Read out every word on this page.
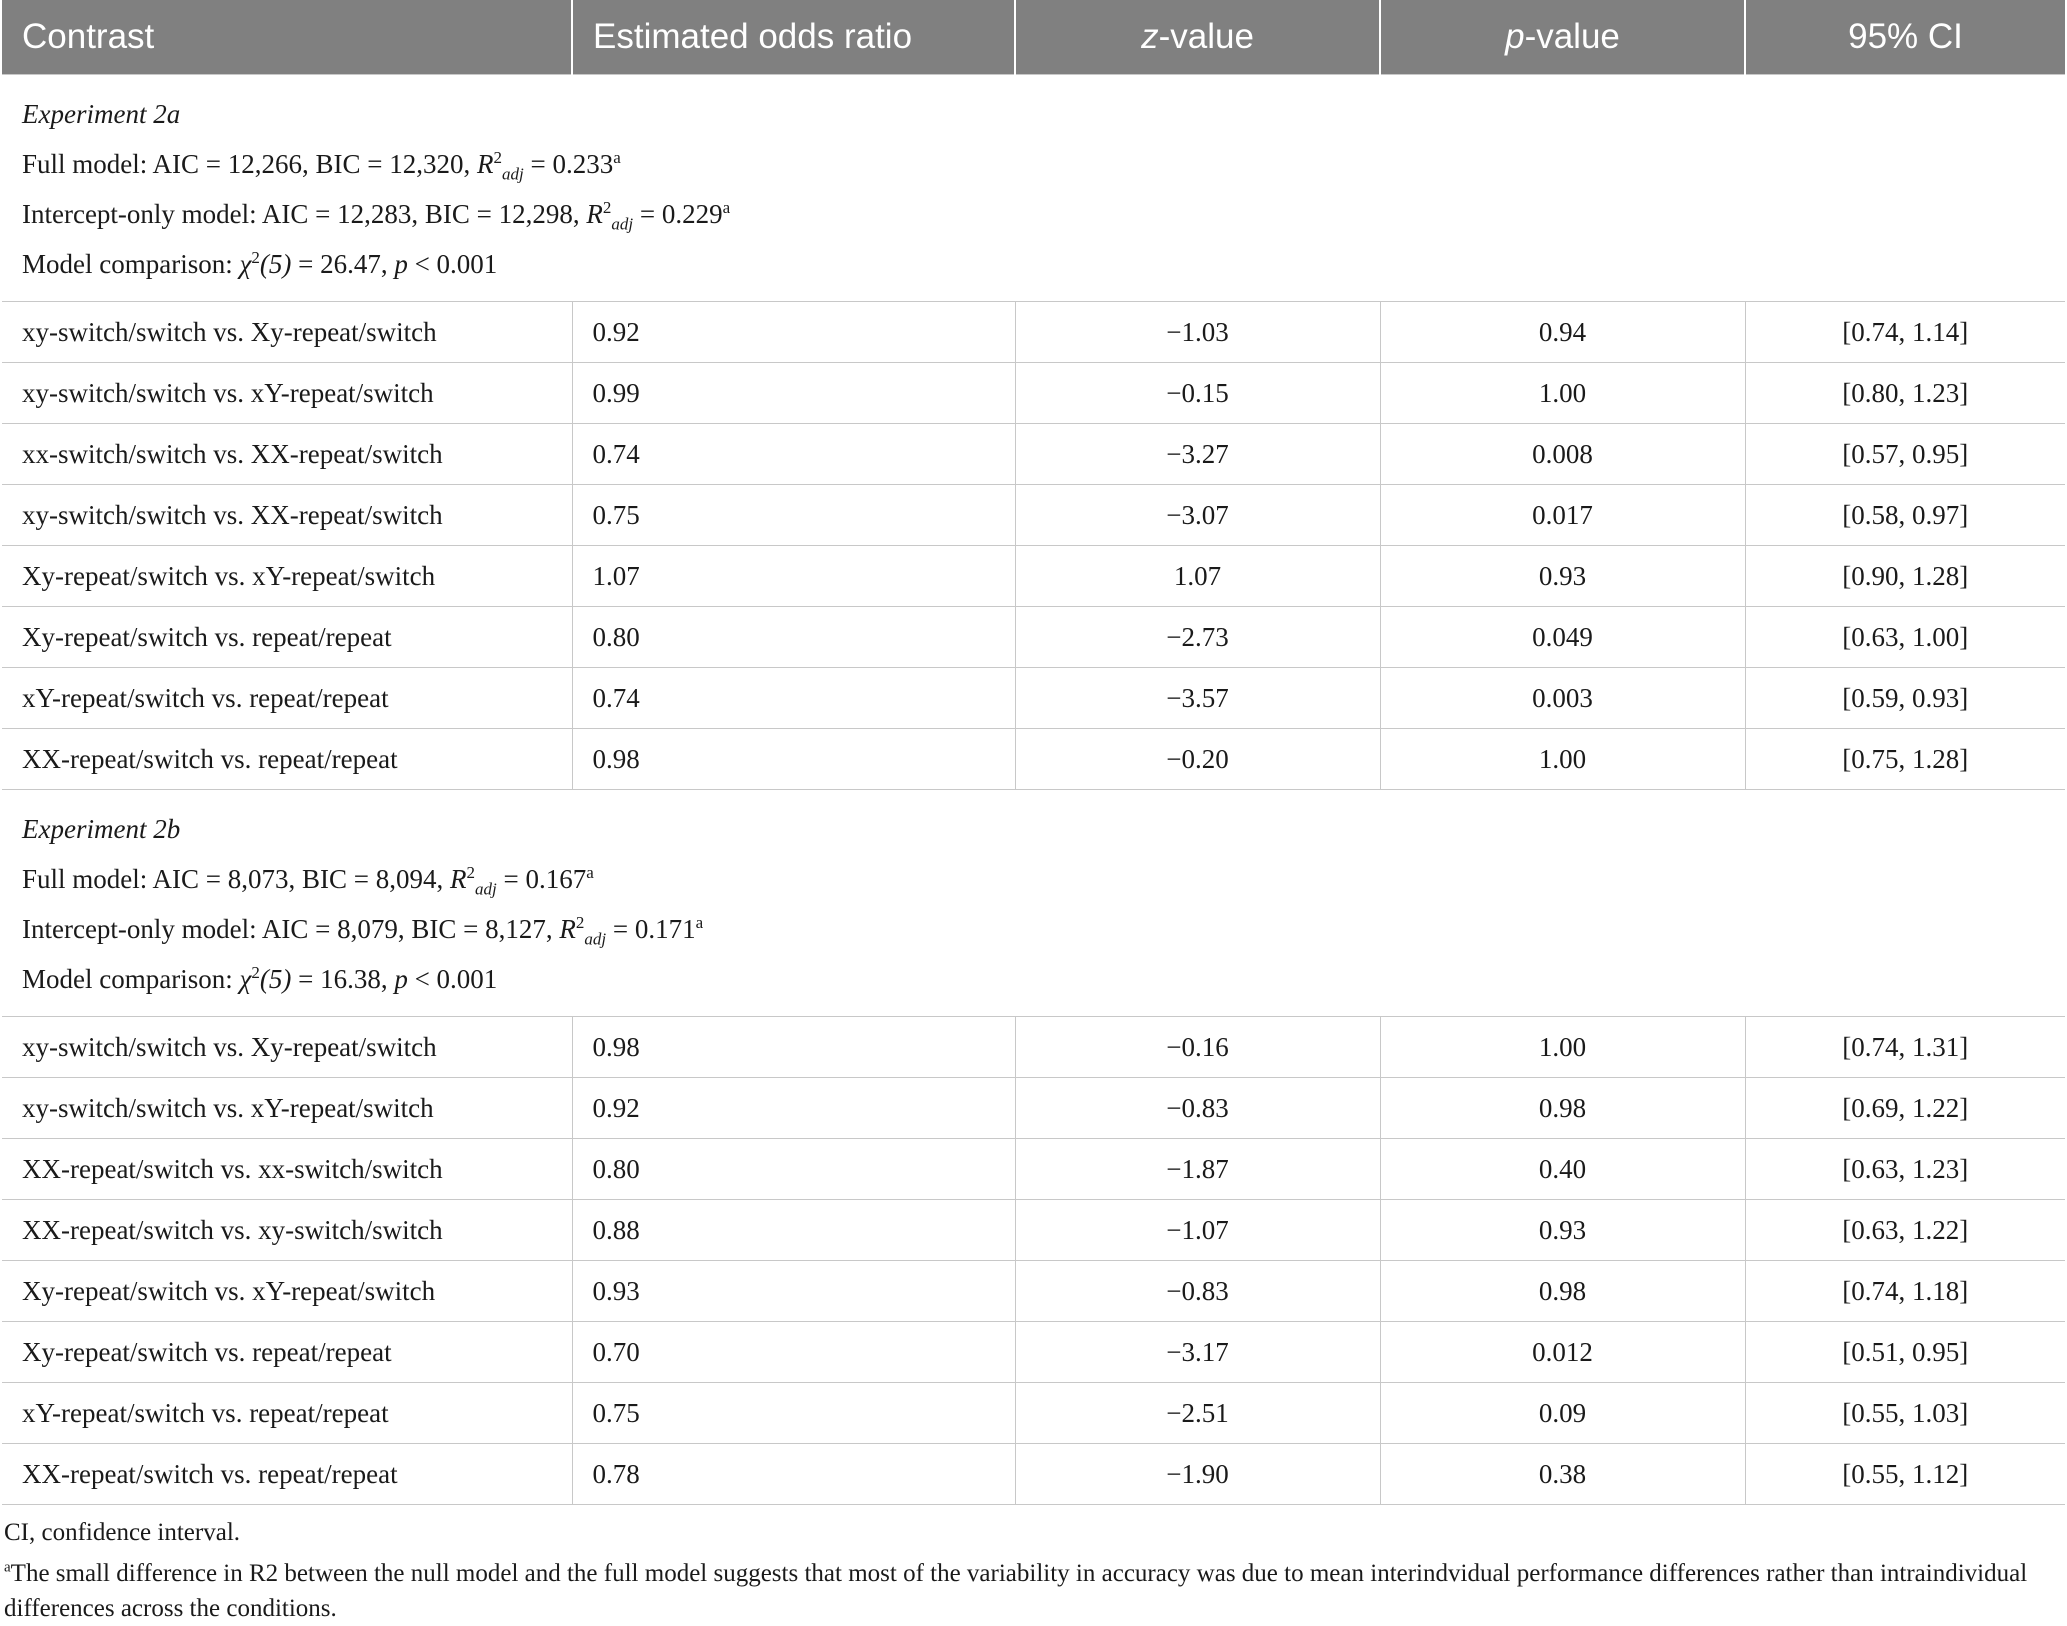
Contrast	Estimated odds ratio	z-value	p-value	95% CI

Experiment 2a
Full model: AIC = 12,266, BIC = 12,320, $R^2_{adj} = 0.233^a$
Intercept-only model: AIC = 12,283, BIC = 12,298, $R^2_{adj} = 0.229^a$
Model comparison: $\chi^2(5) = 26.47$, p < 0.001				

xy-switch/switch vs. Xy-repeat/switch	0.92	−1.03	0.94	[0.74, 1.14]
xy-switch/switch vs. xY-repeat/switch	0.99	−0.15	1.00	[0.80, 1.23]
xx-switch/switch vs. XX-repeat/switch	0.74	−3.27	0.008	[0.57, 0.95]
xy-switch/switch vs. XX-repeat/switch	0.75	−3.07	0.017	[0.58, 0.97]
Xy-repeat/switch vs. xY-repeat/switch	1.07	1.07	0.93	[0.90, 1.28]
Xy-repeat/switch vs. repeat/repeat	0.80	−2.73	0.049	[0.63, 1.00]
xY-repeat/switch vs. repeat/repeat	0.74	−3.57	0.003	[0.59, 0.93]
XX-repeat/switch vs. repeat/repeat	0.98	−0.20	1.00	[0.75, 1.28]

Experiment 2b
Full model: AIC = 8,073, BIC = 8,094, $R^2_{adj} = 0.167^a$
Intercept-only model: AIC = 8,079, BIC = 8,127, $R^2_{adj} = 0.171^a$
Model comparison: $\chi^2(5) = 16.38$, p < 0.001				

xy-switch/switch vs. Xy-repeat/switch	0.98	−0.16	1.00	[0.74, 1.31]
xy-switch/switch vs. xY-repeat/switch	0.92	−0.83	0.98	[0.69, 1.22]
XX-repeat/switch vs. xx-switch/switch	0.80	−1.87	0.40	[0.63, 1.23]
XX-repeat/switch vs. xy-switch/switch	0.88	−1.07	0.93	[0.63, 1.22]
Xy-repeat/switch vs. xY-repeat/switch	0.93	−0.83	0.98	[0.74, 1.18]
Xy-repeat/switch vs. repeat/repeat	0.70	−3.17	0.012	[0.51, 0.95]
xY-repeat/switch vs. repeat/repeat	0.75	−2.51	0.09	[0.55, 1.03]
XX-repeat/switch vs. repeat/repeat	0.78	−1.90	0.38	[0.55, 1.12]

CI, confidence interval.

$^a$The small difference in R2 between the null model and the full model suggests that most of the variability in accuracy was due to mean interindvidual performance differences rather than intraindividual differences across the conditions.
